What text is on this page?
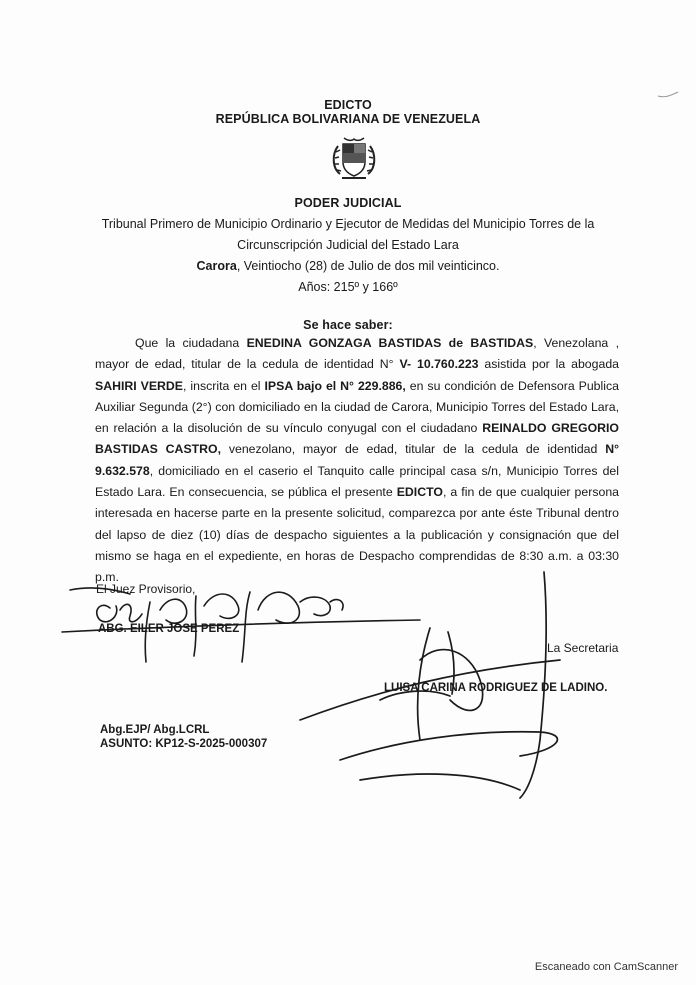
EDICTO
REPÚBLICA BOLIVARIANA DE VENEZUELA
PODER JUDICIAL
Tribunal Primero de Municipio Ordinario y Ejecutor de Medidas del Municipio Torres de la
Circunscripción Judicial del Estado Lara
Carora, Veintiocho (28) de Julio de dos mil veinticinco.
Años: 215º y 166º
Se hace saber:
Que la ciudadana ENEDINA GONZAGA BASTIDAS de BASTIDAS, Venezolana , mayor de edad, titular de la cedula de identidad N° V- 10.760.223 asistida por la abogada SAHIRI VERDE, inscrita en el IPSA bajo el N° 229.886, en su condición de Defensora Publica Auxiliar Segunda (2°) con domiciliado en la ciudad de Carora, Municipio Torres del Estado Lara, en relación a la disolución de su vínculo conyugal con el ciudadano REINALDO GREGORIO BASTIDAS CASTRO, venezolano, mayor de edad, titular de la cedula de identidad N° 9.632.578, domiciliado en el caserio el Tanquito calle principal casa s/n, Municipio Torres del Estado Lara. En consecuencia, se pública el presente EDICTO, a fin de que cualquier persona interesada en hacerse parte en la presente solicitud, comparezca por ante éste Tribunal dentro del lapso de diez (10) días de despacho siguientes a la publicación y consignación que del mismo se haga en el expediente, en horas de Despacho comprendidas de 8:30 a.m. a 03:30 p.m.
El Juez Provisorio,
ABG. EILER JOSE PEREZ
La Secretaria
LUISA CARINA RODRIGUEZ DE LADINO.
Abg.EJP/ Abg.LCRL
ASUNTO: KP12-S-2025-000307
Escaneado con CamScanner
